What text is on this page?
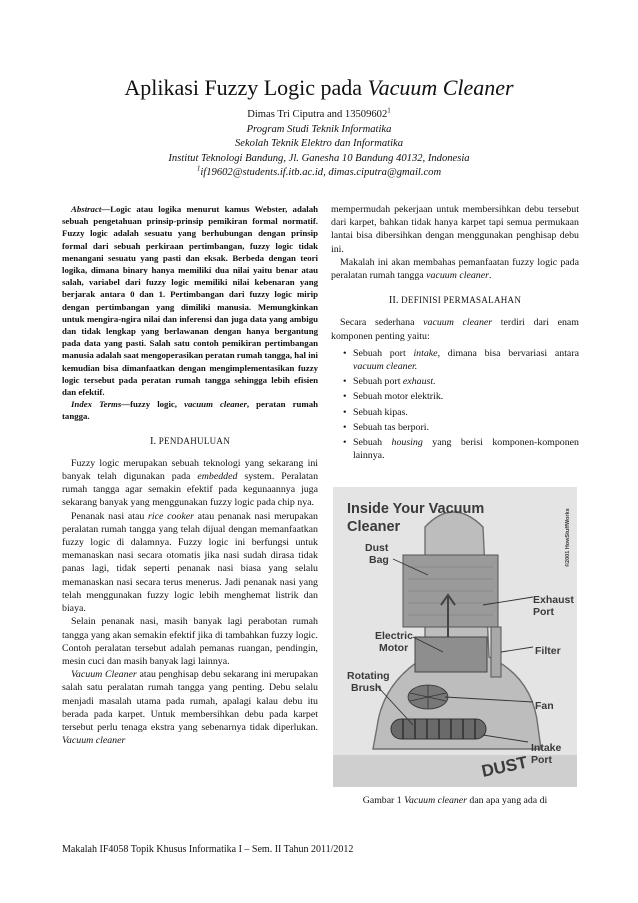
Aplikasi Fuzzy Logic pada Vacuum Cleaner
Dimas Tri Ciputra and 13509602$^1$
Program Studi Teknik Informatika
Sekolah Teknik Elektro dan Informatika
Institut Teknologi Bandung, Jl. Ganesha 10 Bandung 40132, Indonesia
$^1$if19602@students.if.itb.ac.id, dimas.ciputra@gmail.com

Abstract—Logic atau logika menurut kamus Webster, adalah sebuah pengetahuan prinsip-prinsip pemikiran formal normatif. Fuzzy logic adalah sesuatu yang berhubungan dengan prinsip formal dari sebuah perkiraan pertimbangan, fuzzy logic tidak menangani sesuatu yang pasti dan eksak. Berbeda dengan teori logika, dimana binary hanya memiliki dua nilai yaitu benar atau salah, variabel dari fuzzy logic memiliki nilai kebenaran yang berjarak antara 0 dan 1. Pertimbangan dari fuzzy logic mirip dengan pertimbangan yang dimiliki manusia. Memungkinkan untuk mengira-ngira nilai dan inferensi dan juga data yang ambigu dan tidak lengkap yang berlawanan dengan hanya bergantung pada data yang pasti. Salah satu contoh pemikiran pertimbangan manusia adalah saat mengoperasikan peratan rumah tangga, hal ini kemudian bisa dimanfaatkan dengan mengimplementasikan fuzzy logic tersebut pada peratan rumah tangga sehingga lebih efisien dan efektif.

Index Terms—fuzzy logic, vacuum cleaner, peratan rumah tangga.

I. PENDAHULUAN

Fuzzy logic merupakan sebuah teknologi yang sekarang ini banyak telah digunakan pada embedded system. Peralatan rumah tangga agar semakin efektif pada kegunaannya juga sekarang banyak yang menggunakan fuzzy logic pada chip nya.

Penanak nasi atau rice cooker atau penanak nasi merupakan peralatan rumah tangga yang telah dijual dengan memanfaatkan fuzzy logic di dalamnya. Fuzzy logic ini berfungsi untuk memanaskan nasi secara otomatis jika nasi sudah dirasa tidak panas lagi, tidak seperti penanak nasi biasa yang selalu memanaskan nasi secara terus menerus. Jadi penanak nasi yang telah menggunakan fuzzy logic lebih menghemat listrik dan biaya.

Selain penanak nasi, masih banyak lagi perabotan rumah tangga yang akan semakin efektif jika di tambahkan fuzzy logic. Contoh peralatan tersebut adalah pemanas ruangan, pendingin, mesin cuci dan masih banyak lagi lainnya.

Vacuum Cleaner atau penghisap debu sekarang ini merupakan salah satu peralatan rumah tangga yang penting. Debu selalu menjadi masalah utama pada rumah, apalagi kalau debu itu berada pada karpet. Untuk membersihkan debu pada karpet tersebut perlu tenaga ekstra yang sebenarnya tidak diperlukan. Vacuum cleaner

mempermudah pekerjaan untuk membersihkan debu tersebut dari karpet, bahkan tidak hanya karpet tapi semua permukaan lantai bisa dibersihkan dengan menggunakan penghisap debu ini.

Makalah ini akan membahas pemanfaatan fuzzy logic pada peralatan rumah tangga vacuum cleaner.

II. DEFINISI PERMASALAHAN

Secara sederhana vacuum cleaner terdiri dari enam komponen penting yaitu:

• Sebuah port intake, dimana bisa bervariasi antara vacuum cleaner.
• Sebuah port exhaust.
• Sebuah motor elektrik.
• Sebuah kipas.
• Sebuah tas berpori.
• Sebuah housing yang berisi komponen-komponen lainnya.
DUST
Inside Your Vacuum
Cleaner	©2001 HowStuffWorks
Dust
Bag
Exhaust
Port
Electric
Motor	Filter
Rotating
Brush
Fan
Intake
Port
Gambar 1 Vacuum cleaner dan apa yang ada di
Makalah IF4058 Topik Khusus Informatika I – Sem. II Tahun 2011/2012
